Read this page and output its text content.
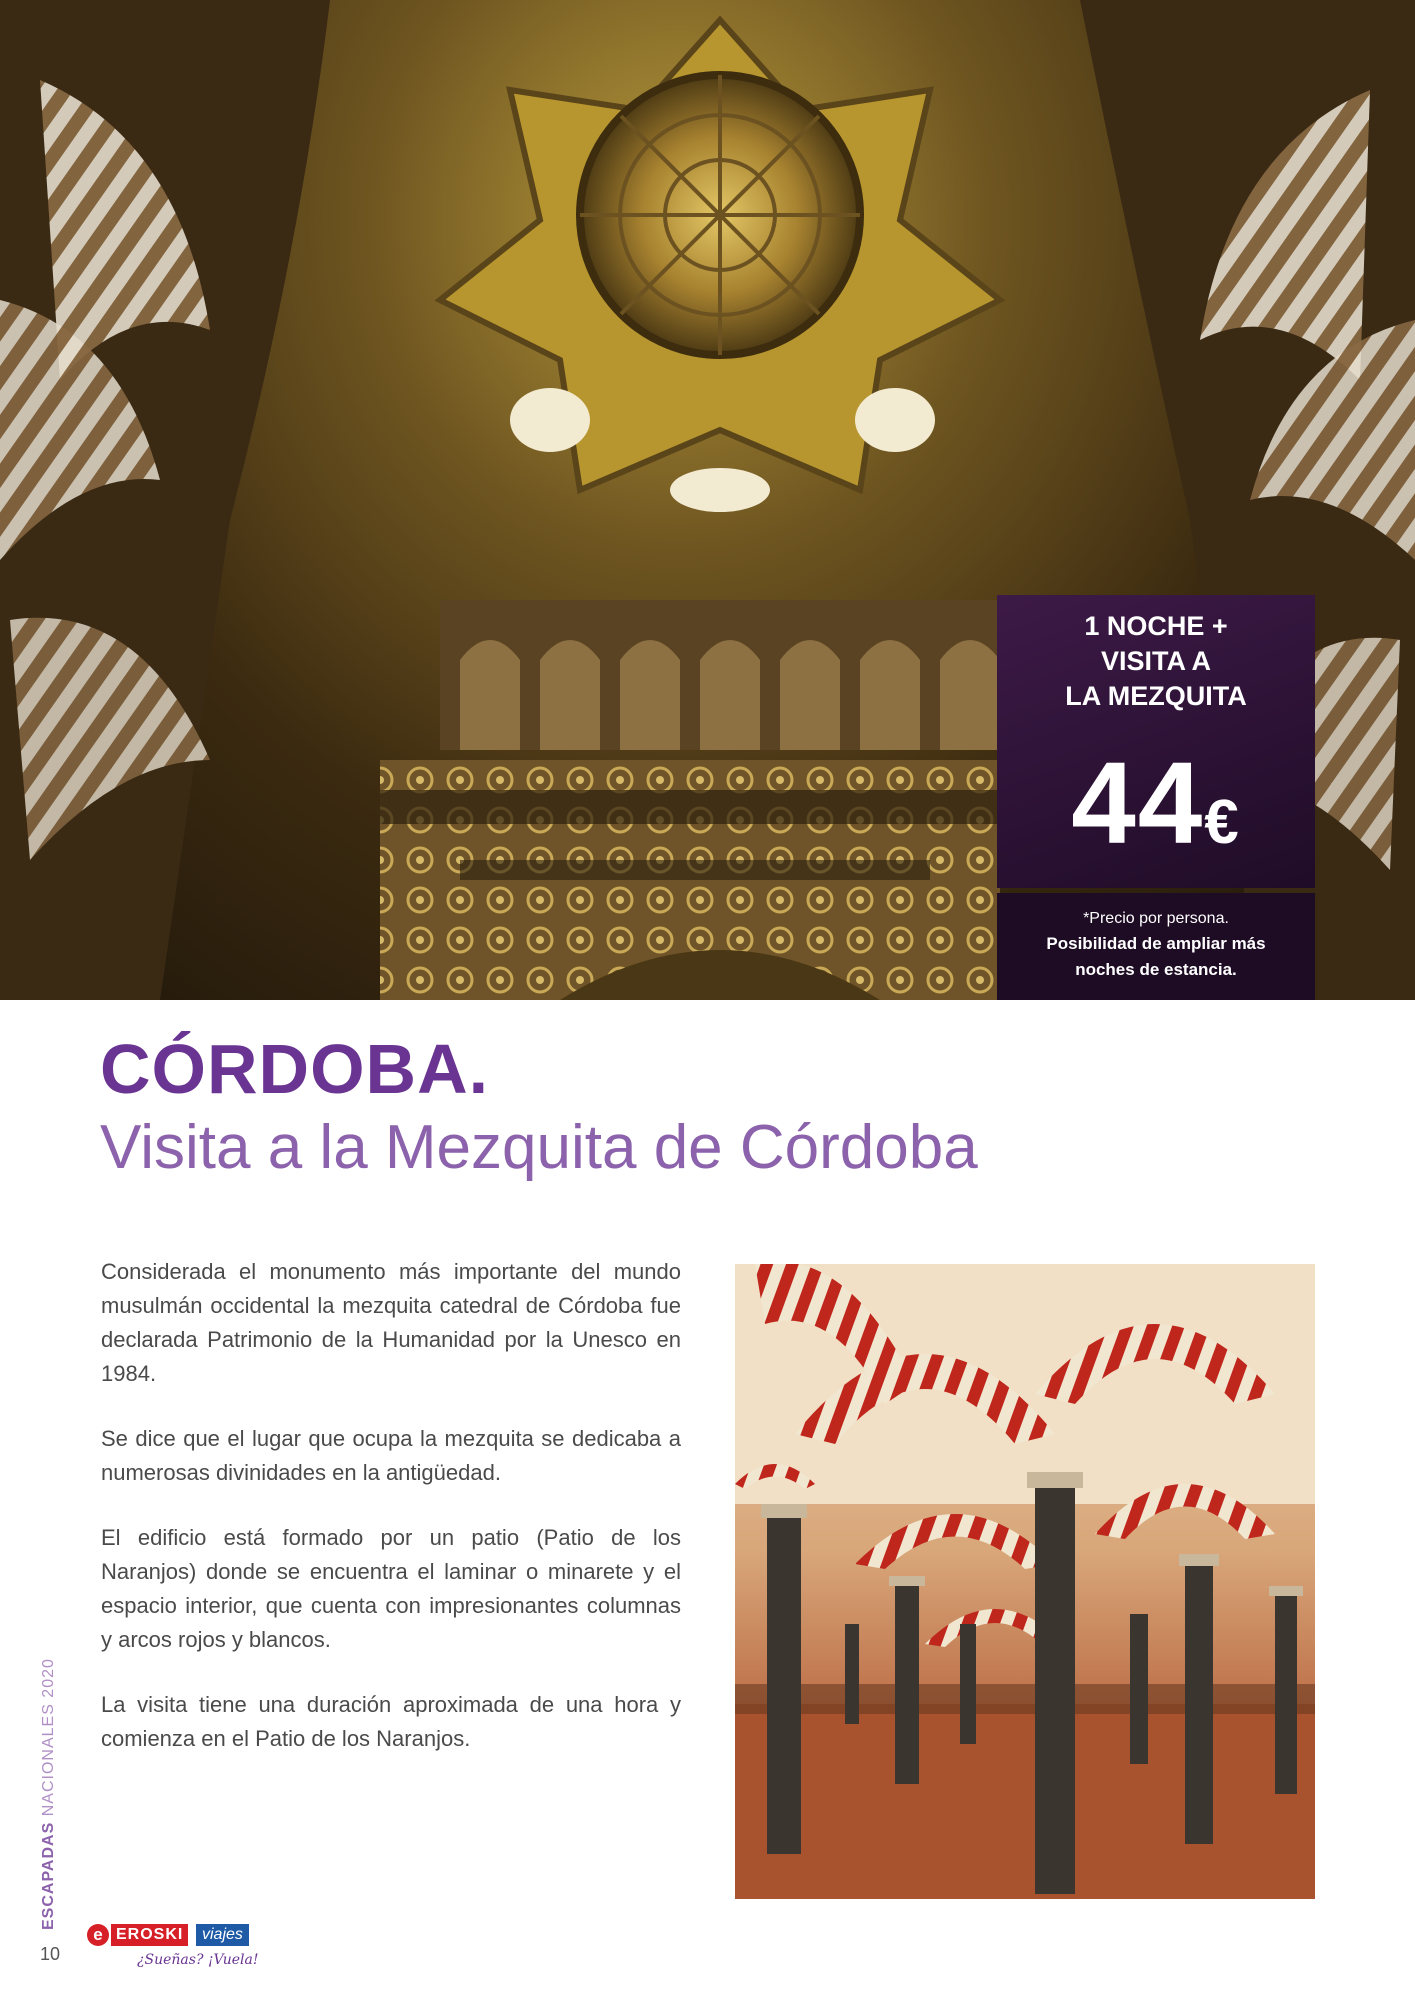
1 NOCHE +
VISITA A
LA MEZQUITA
44€
*Precio por persona.
Posibilidad de ampliar más
noches de estancia.
CÓRDOBA.
Visita a la Mezquita de Córdoba

Considerada el monumento más importante del mundo musulmán occidental la mezquita catedral de Córdoba fue declarada Patrimonio de la Humanidad por la Unesco en 1984.

Se dice que el lugar que ocupa la mezquita se dedicaba a numerosas divinidades en la antigüedad.

El edificio está formado por un patio (Patio de los Naranjos) donde se encuentra el laminar o minarete y el espacio interior, que cuenta con impresionantes columnas y arcos rojos y blancos.

La visita tiene una duración aproximada de una hora y comienza en el Patio de los Naranjos.

ESCAPADAS NACIONALES 2020
10
e EROSKI	viajes
¿Sueñas? ¡Vuela!
